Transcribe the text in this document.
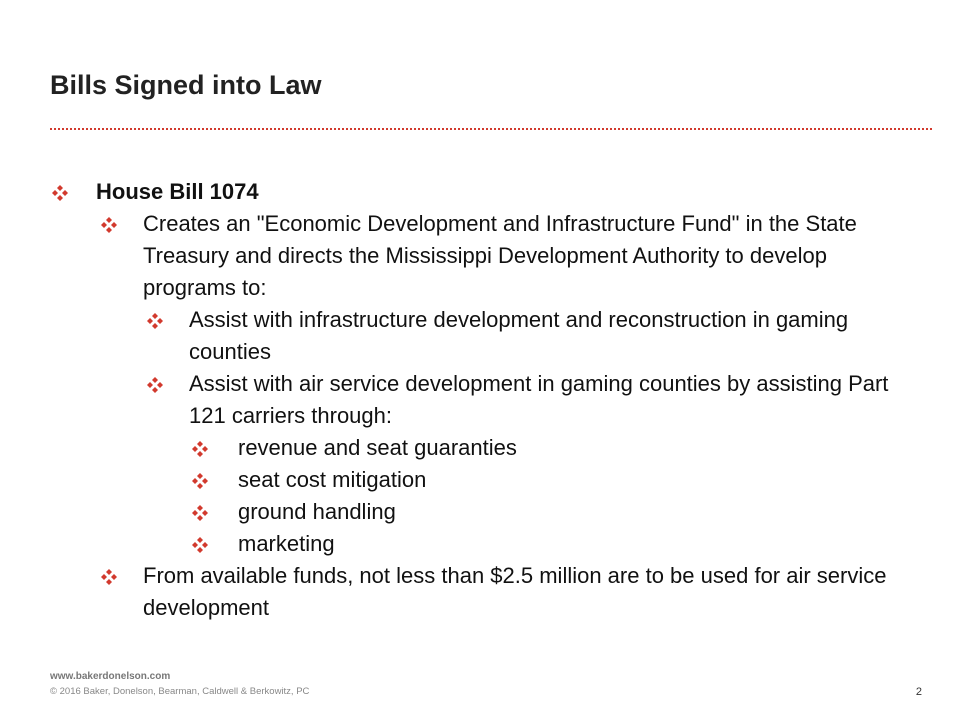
Bills Signed into Law
House Bill 1074
Creates an "Economic Development and Infrastructure Fund" in the State Treasury and directs the Mississippi Development Authority to develop programs to:
Assist with infrastructure development and reconstruction in gaming counties
Assist with air service development in gaming counties by assisting Part 121 carriers through:
revenue and seat guaranties
seat cost mitigation
ground handling
marketing
From available funds, not less than $2.5 million are to be used for air service development
www.bakerdonelson.com
© 2016 Baker, Donelson, Bearman, Caldwell & Berkowitz, PC	2
